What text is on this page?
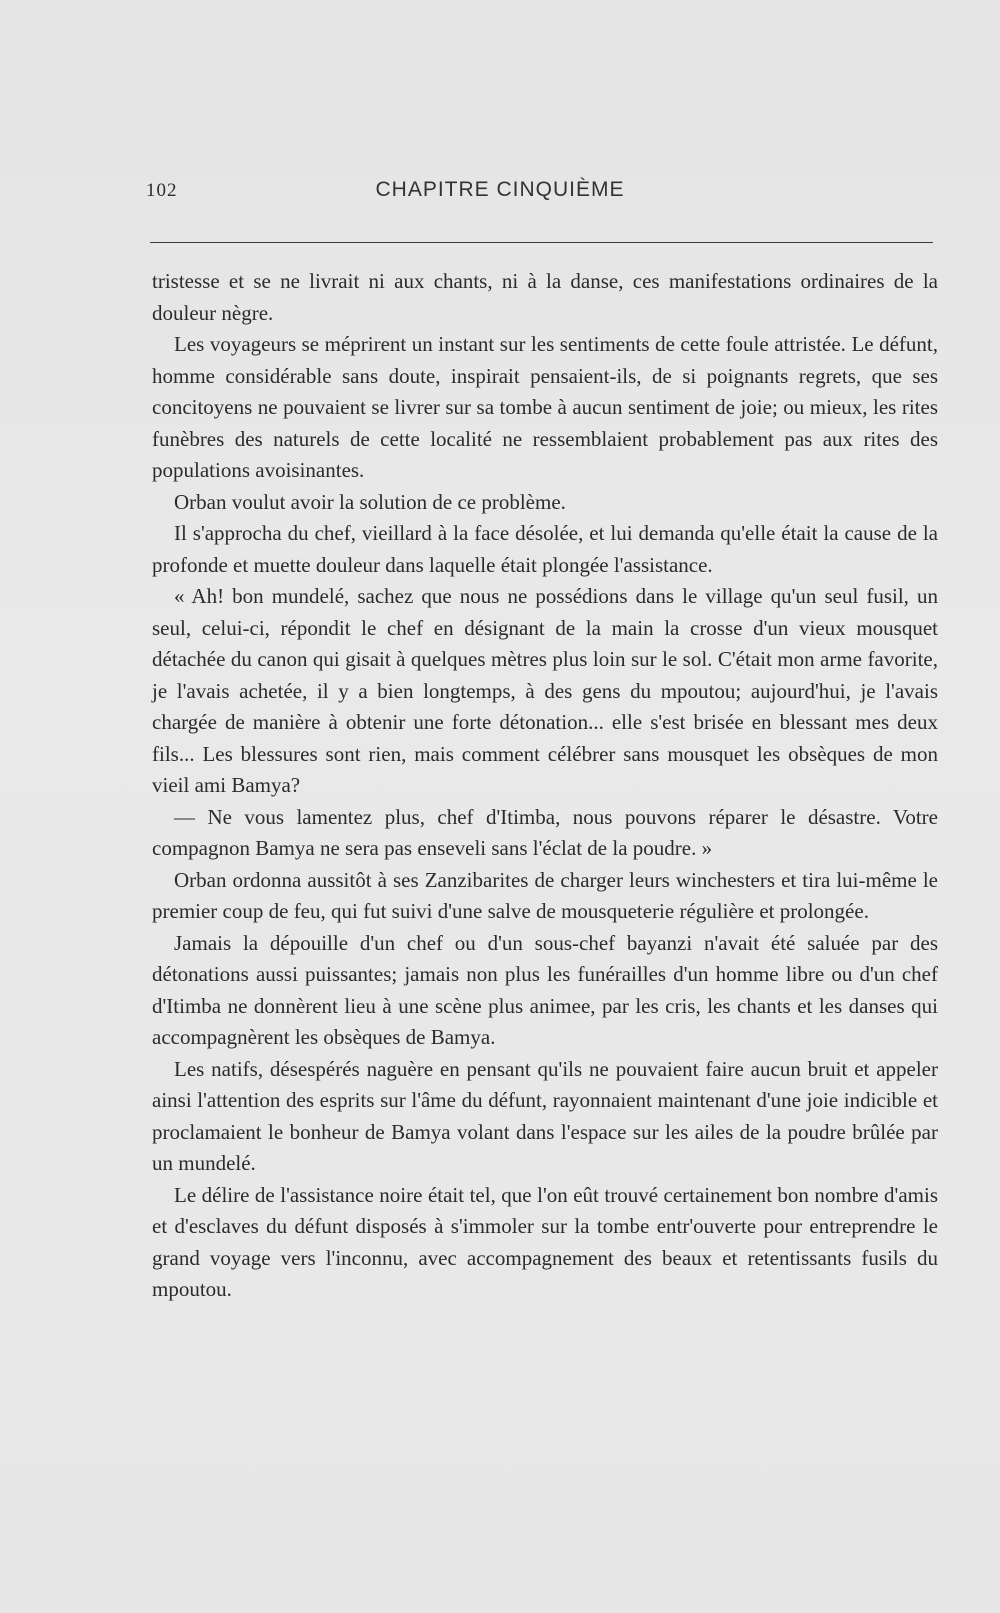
102	CHAPITRE CINQUIÈME

tristesse et se ne livrait ni aux chants, ni à la danse, ces manifestations ordinaires de la douleur nègre.

Les voyageurs se méprirent un instant sur les sentiments de cette foule attristée. Le défunt, homme considérable sans doute, inspirait pensaient-ils, de si poignants regrets, que ses concitoyens ne pouvaient se livrer sur sa tombe à aucun sentiment de joie; ou mieux, les rites funèbres des naturels de cette localité ne ressemblaient probablement pas aux rites des populations avoisinantes.

Orban voulut avoir la solution de ce problème.

Il s'approcha du chef, vieillard à la face désolée, et lui demanda qu'elle était la cause de la profonde et muette douleur dans laquelle était plongée l'assistance.

« Ah! bon mundelé, sachez que nous ne possédions dans le village qu'un seul fusil, un seul, celui-ci, répondit le chef en désignant de la main la crosse d'un vieux mousquet détachée du canon qui gisait à quelques mètres plus loin sur le sol. C'était mon arme favorite, je l'avais achetée, il y a bien longtemps, à des gens du mpoutou; aujourd'hui, je l'avais chargée de manière à obtenir une forte détonation... elle s'est brisée en blessant mes deux fils... Les blessures sont rien, mais comment célébrer sans mousquet les obsèques de mon vieil ami Bamya?

— Ne vous lamentez plus, chef d'Itimba, nous pouvons réparer le désastre. Votre compagnon Bamya ne sera pas enseveli sans l'éclat de la poudre. »

Orban ordonna aussitôt à ses Zanzibarites de charger leurs winchesters et tira lui-même le premier coup de feu, qui fut suivi d'une salve de mousqueterie régulière et prolongée.

Jamais la dépouille d'un chef ou d'un sous-chef bayanzi n'avait été saluée par des détonations aussi puissantes; jamais non plus les funérailles d'un homme libre ou d'un chef d'Itimba ne donnèrent lieu à une scène plus animee, par les cris, les chants et les danses qui accompagnèrent les obsèques de Bamya.

Les natifs, désespérés naguère en pensant qu'ils ne pouvaient faire aucun bruit et appeler ainsi l'attention des esprits sur l'âme du défunt, rayonnaient maintenant d'une joie indicible et proclamaient le bonheur de Bamya volant dans l'espace sur les ailes de la poudre brûlée par un mundelé.

Le délire de l'assistance noire était tel, que l'on eût trouvé certainement bon nombre d'amis et d'esclaves du défunt disposés à s'immoler sur la tombe entr'ouverte pour entreprendre le grand voyage vers l'inconnu, avec accompagnement des beaux et retentissants fusils du mpoutou.
